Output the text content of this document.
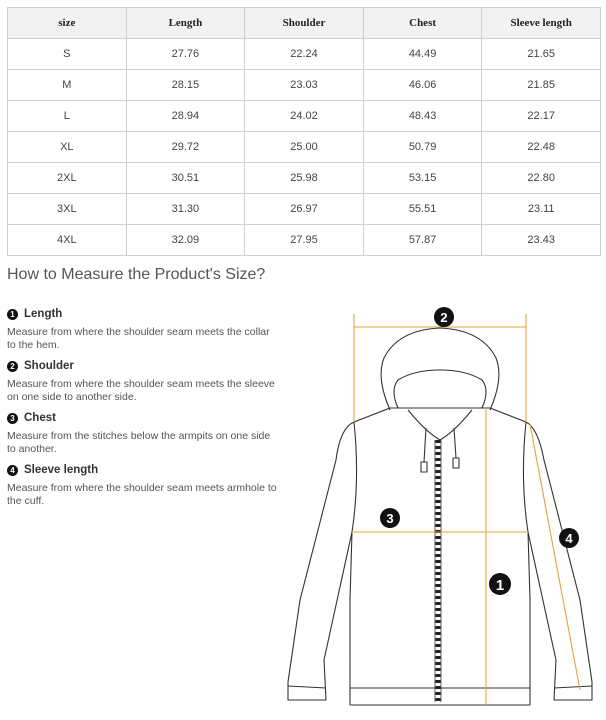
size	Length	Shoulder	Chest	Sleeve length
S	27.76	22.24	44.49	21.65
M	28.15	23.03	46.06	21.85
L	28.94	24.02	48.43	22.17
XL	29.72	25.00	50.79	22.48
2XL	30.51	25.98	53.15	22.80
3XL	31.30	26.97	55.51	23.11
4XL	32.09	27.95	57.87	23.43
How to Measure the Product's Size?
1 Length
Measure from where the shoulder seam meets the collar to the hem.
2 Shoulder
Measure from where the shoulder seam meets the sleeve on one side to another side.
3 Chest
Measure from the stitches below the armpits on one side to another.
4 Sleeve length
Measure from where the shoulder seam meets armhole to the cuff.
2
3
1
4
